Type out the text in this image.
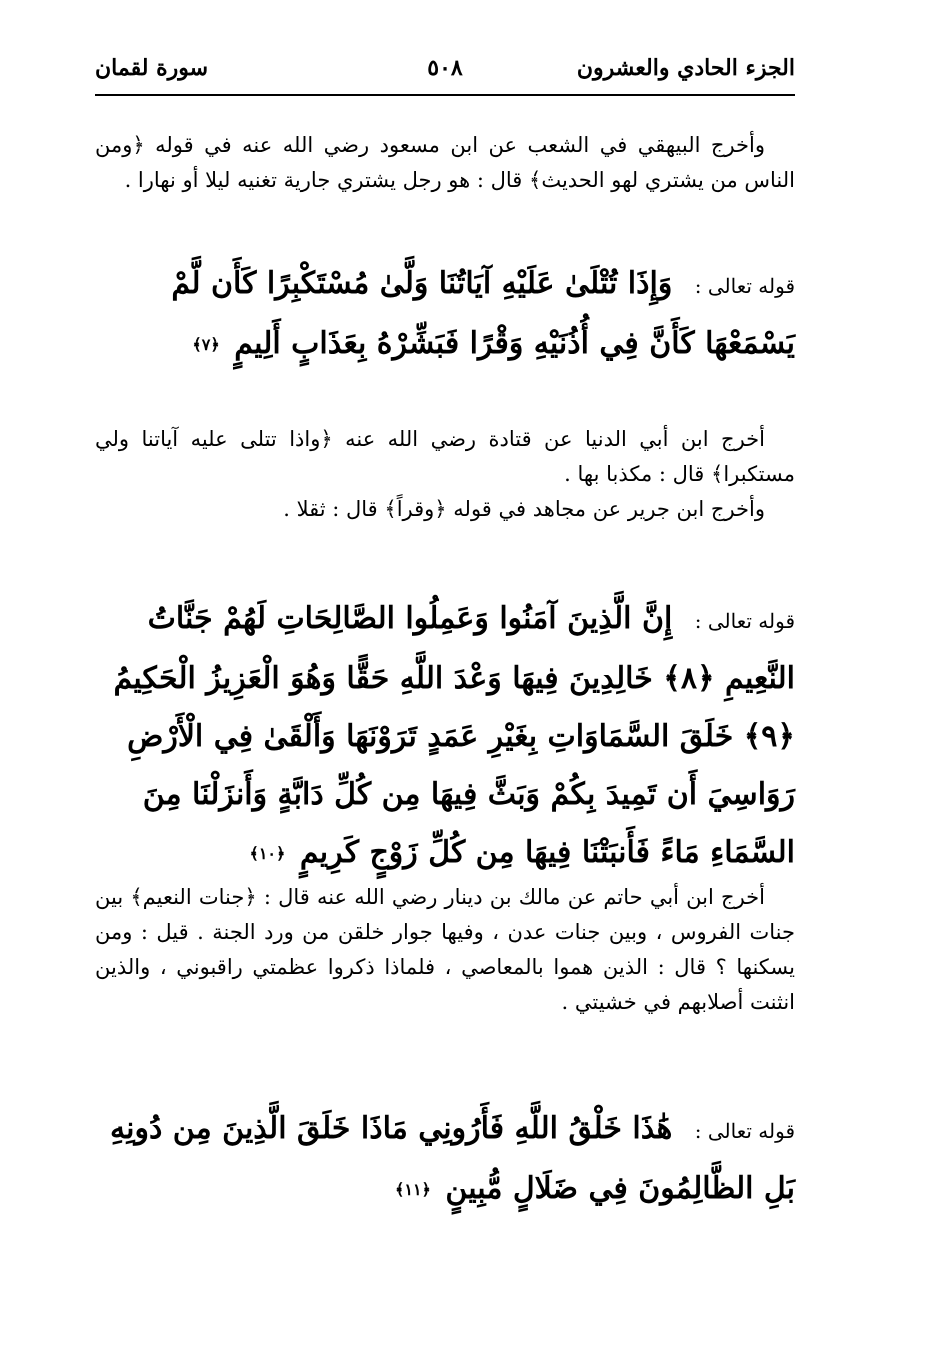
الجزء الحادي والعشرون
٥٠٨
سورة لقمان

وأخرج البيهقي في الشعب عن ابن مسعود رضي الله عنه في قوله ﴿ومن الناس من يشتري لهو الحديث﴾ قال : هو رجل يشتري جارية تغنيه ليلا أو نهارا .

قوله تعالى : وَإِذَا تُتْلَىٰ عَلَيْهِ آيَاتُنَا وَلَّىٰ مُسْتَكْبِرًا كَأَن لَّمْ يَسْمَعْهَا كَأَنَّ فِي أُذُنَيْهِ وَقْرًا فَبَشِّرْهُ بِعَذَابٍ أَلِيمٍ ﴿٧﴾

أخرج ابن أبي الدنيا عن قتادة رضي الله عنه ﴿واذا تتلى عليه آياتنا ولي مستكبرا﴾ قال : مكذبا بها .

وأخرج ابن جرير عن مجاهد في قوله ﴿وقراً﴾ قال : ثقلا .

قوله تعالى : إِنَّ الَّذِينَ آمَنُوا وَعَمِلُوا الصَّالِحَاتِ لَهُمْ جَنَّاتُ النَّعِيمِ ﴿٨﴾ خَالِدِينَ فِيهَا وَعْدَ اللَّهِ حَقًّا وَهُوَ الْعَزِيزُ الْحَكِيمُ ﴿٩﴾ خَلَقَ السَّمَاوَاتِ بِغَيْرِ عَمَدٍ تَرَوْنَهَا وَأَلْقَىٰ فِي الْأَرْضِ رَوَاسِيَ أَن تَمِيدَ بِكُمْ وَبَثَّ فِيهَا مِن كُلِّ دَابَّةٍ وَأَنزَلْنَا مِنَ السَّمَاءِ مَاءً فَأَنبَتْنَا فِيهَا مِن كُلِّ زَوْجٍ كَرِيمٍ ﴿١٠﴾

أخرج ابن أبي حاتم عن مالك بن دينار رضي الله عنه قال : ﴿جنات النعيم﴾ بين جنات الفروس ، وبين جنات عدن ، وفيها جوار خلقن من ورد الجنة . قيل : ومن يسكنها ؟ قال : الذين هموا بالمعاصي ، فلماذا ذكروا عظمتي راقبوني ، والذين انثنت أصلابهم في خشيتي .

قوله تعالى : هَٰذَا خَلْقُ اللَّهِ فَأَرُونِي مَاذَا خَلَقَ الَّذِينَ مِن دُونِهِ بَلِ الظَّالِمُونَ فِي ضَلَالٍ مُّبِينٍ ﴿١١﴾
